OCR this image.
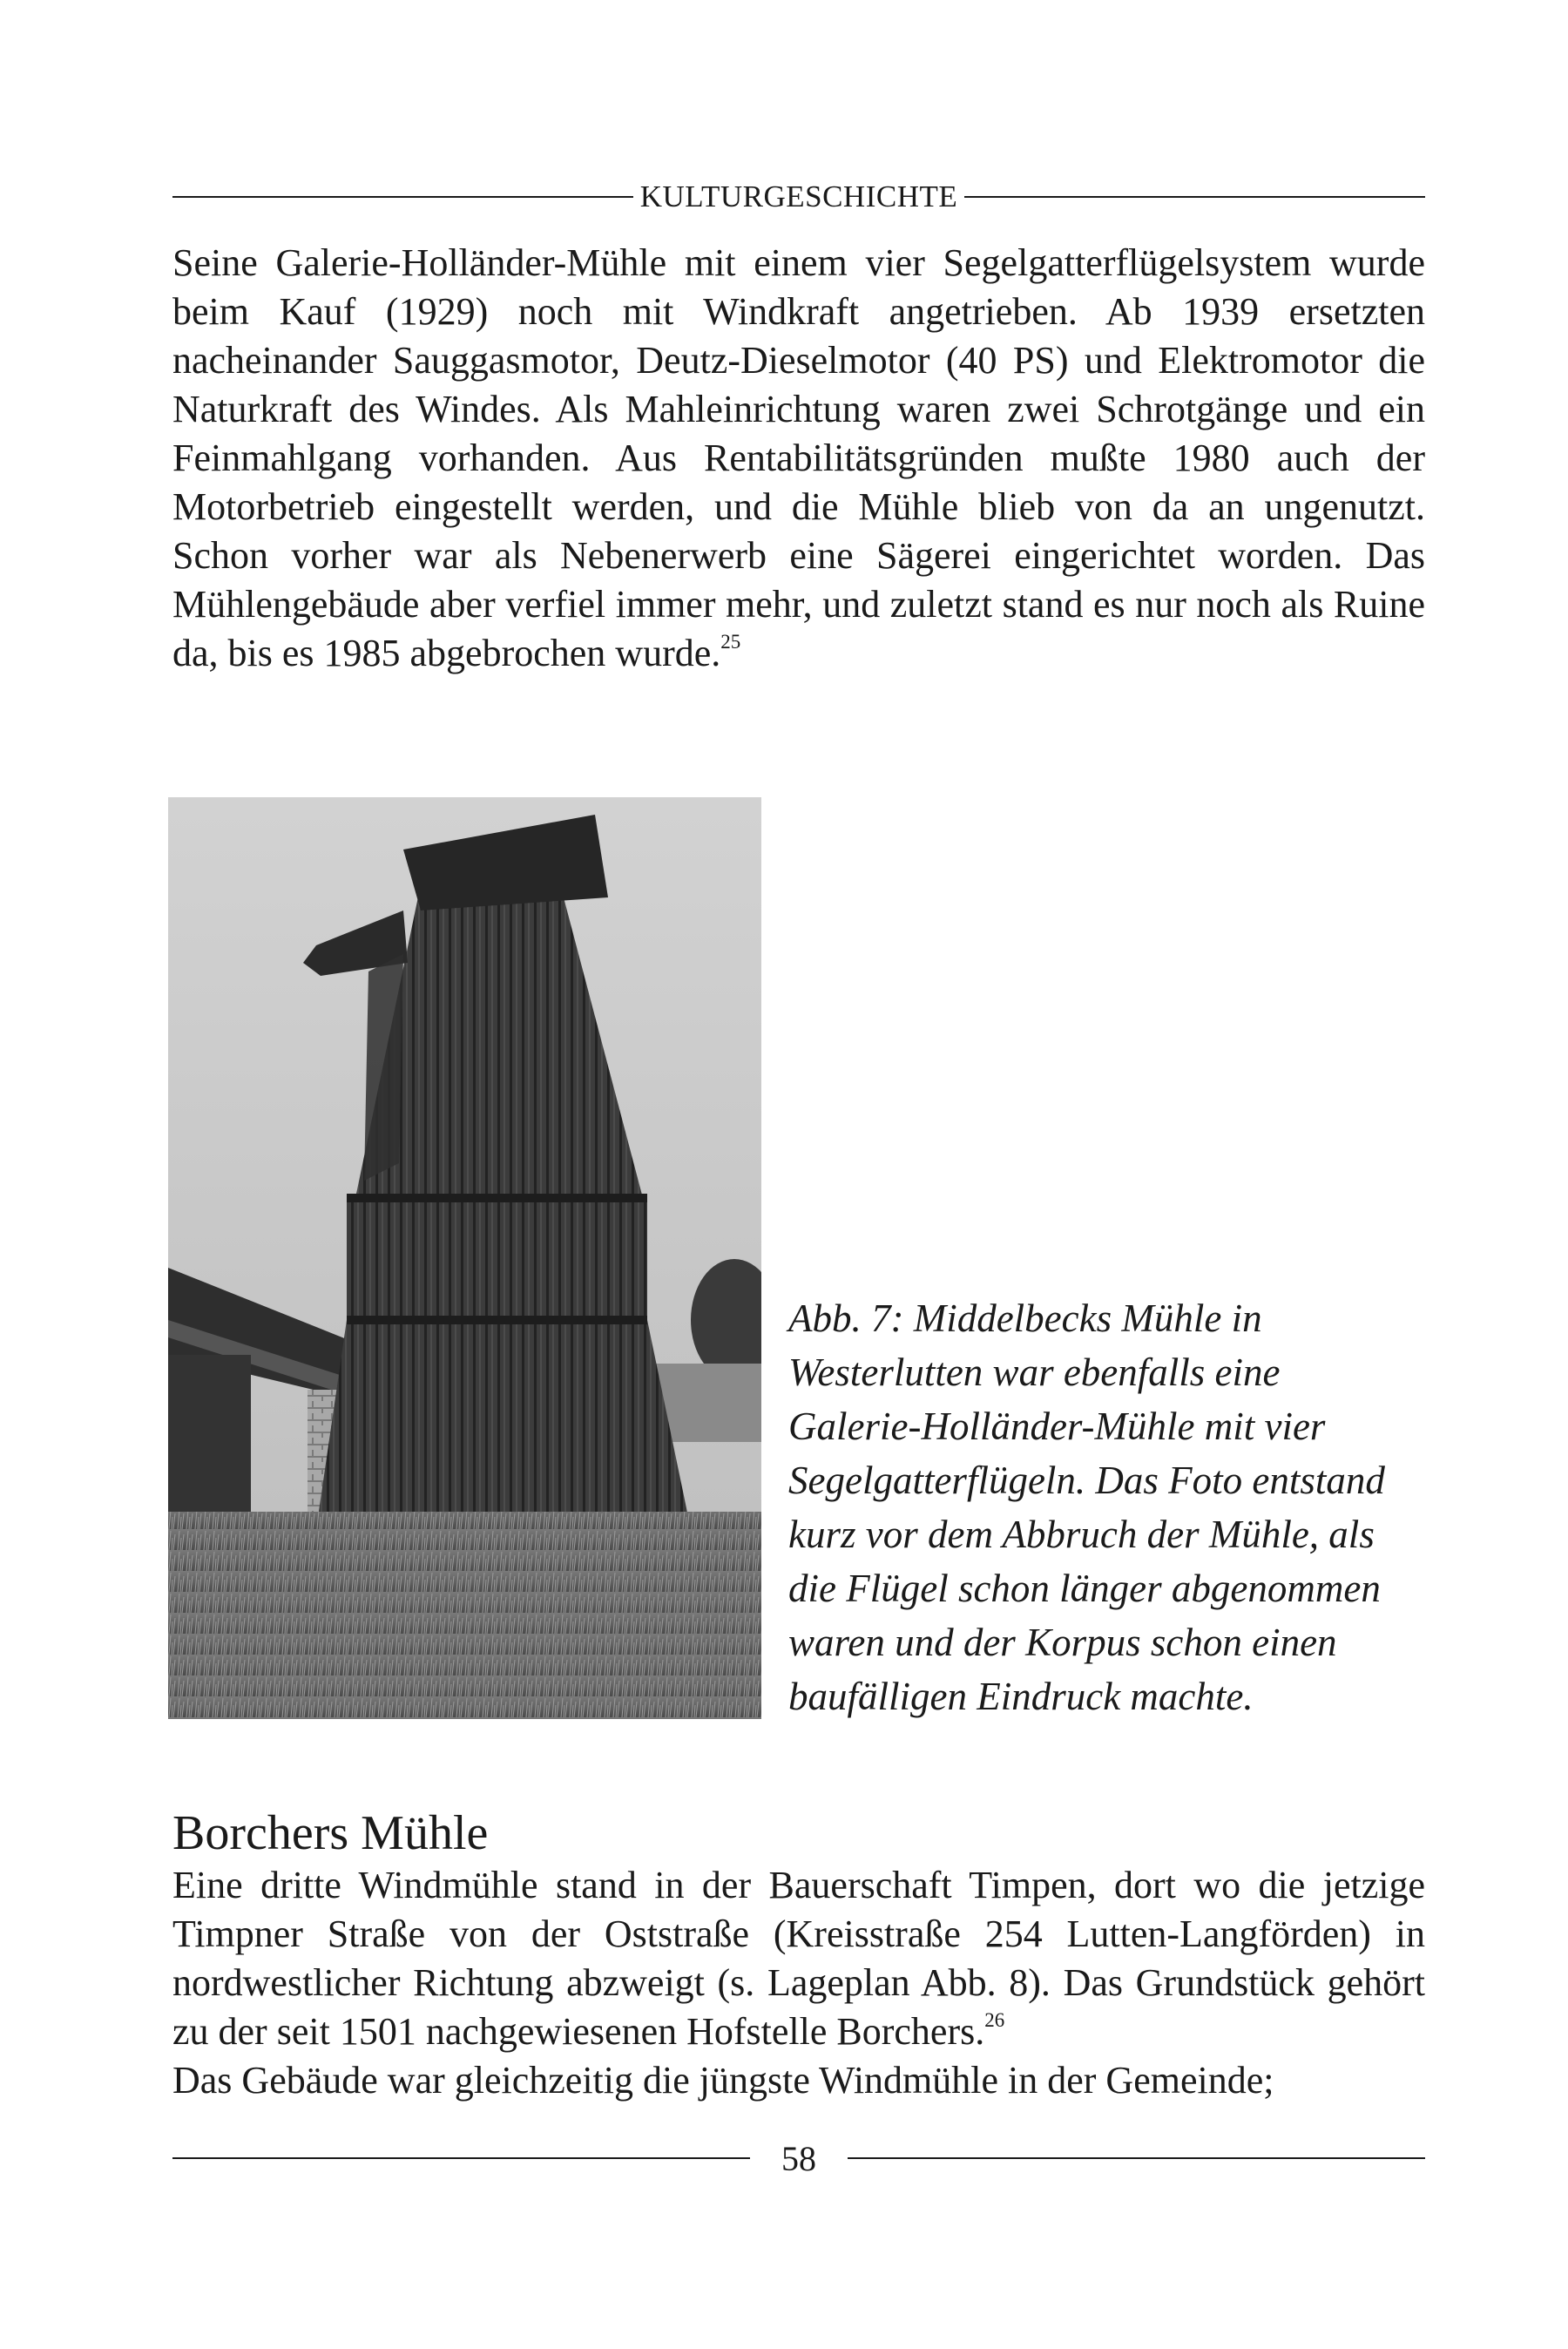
KULTURGESCHICHTE

Seine Galerie-Holländer-Mühle mit einem vier Segelgatterflügelsystem wurde beim Kauf (1929) noch mit Windkraft angetrieben. Ab 1939 ersetzten nacheinander Sauggasmotor, Deutz-Dieselmotor (40 PS) und Elektromotor die Naturkraft des Windes. Als Mahleinrichtung waren zwei Schrotgänge und ein Feinmahlgang vorhanden. Aus Rentabilitätsgründen mußte 1980 auch der Motorbetrieb eingestellt werden, und die Mühle blieb von da an ungenutzt. Schon vorher war als Nebenerwerb eine Sägerei eingerichtet worden. Das Mühlengebäude aber verfiel immer mehr, und zuletzt stand es nur noch als Ruine da, bis es 1985 abgebrochen wurde.$^{25}$

Abb. 7: Middelbecks Mühle in Westerlutten war ebenfalls eine Galerie-Holländer-Mühle mit vier Segelgatterflügeln. Das Foto entstand kurz vor dem Abbruch der Mühle, als die Flügel schon länger abgenommen waren und der Korpus schon einen baufälligen Eindruck machte.
Borchers Mühle

Eine dritte Windmühle stand in der Bauerschaft Timpen, dort wo die jetzige Timpner Straße von der Oststraße (Kreisstraße 254 Lutten-Langförden) in nordwestlicher Richtung abzweigt (s. Lageplan Abb. 8). Das Grundstück gehört zu der seit 1501 nachgewiesenen Hofstelle Borchers.$^{26}$

Das Gebäude war gleichzeitig die jüngste Windmühle in der Gemeinde;

58
